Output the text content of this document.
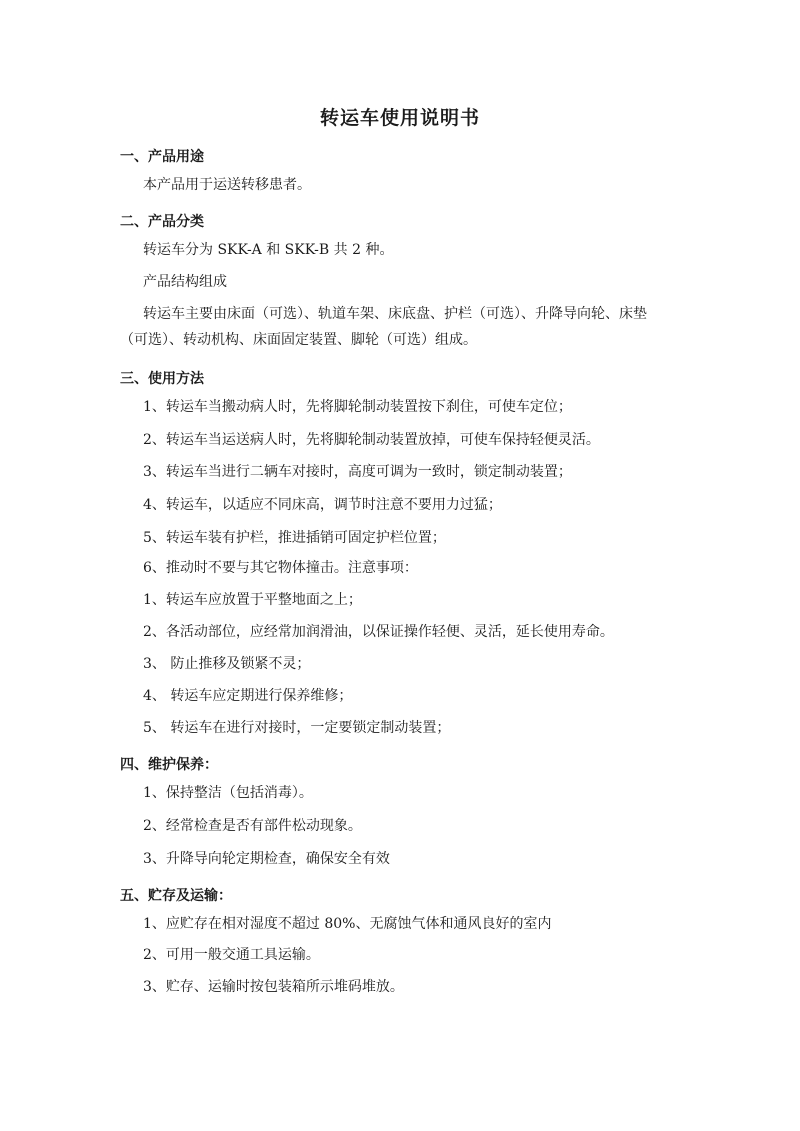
转运车使用说明书
一、产品用途
本产品用于运送转移患者。
二、产品分类
转运车分为 SKK-A 和 SKK-B 共 2 种。
产品结构组成
转运车主要由床面（可选）、轨道车架、床底盘、护栏（可选）、升降导向轮、床垫
（可选）、转动机构、床面固定装置、脚轮（可选）组成。
三、使用方法
1、转运车当搬动病人时，先将脚轮制动装置按下刹住，可使车定位；
2、转运车当运送病人时，先将脚轮制动装置放掉，可使车保持轻便灵活。
3、转运车当进行二辆车对接时，高度可调为一致时，锁定制动装置；
4、转运车，以适应不同床高，调节时注意不要用力过猛；
5、转运车装有护栏，推进插销可固定护栏位置；
6、推动时不要与其它物体撞击。注意事项：
1、转运车应放置于平整地面之上；
2、各活动部位，应经常加润滑油，以保证操作轻便、灵活，延长使用寿命。
3、 防止推移及锁紧不灵；
4、 转运车应定期进行保养维修；
5、 转运车在进行对接时，一定要锁定制动装置；
四、维护保养：
1、保持整洁（包括消毒）。
2、经常检查是否有部件松动现象。
3、升降导向轮定期检查，确保安全有效
五、贮存及运输：
1、应贮存在相对湿度不超过 80%、无腐蚀气体和通风良好的室内
2、可用一般交通工具运输。
3、贮存、运输时按包装箱所示堆码堆放。
